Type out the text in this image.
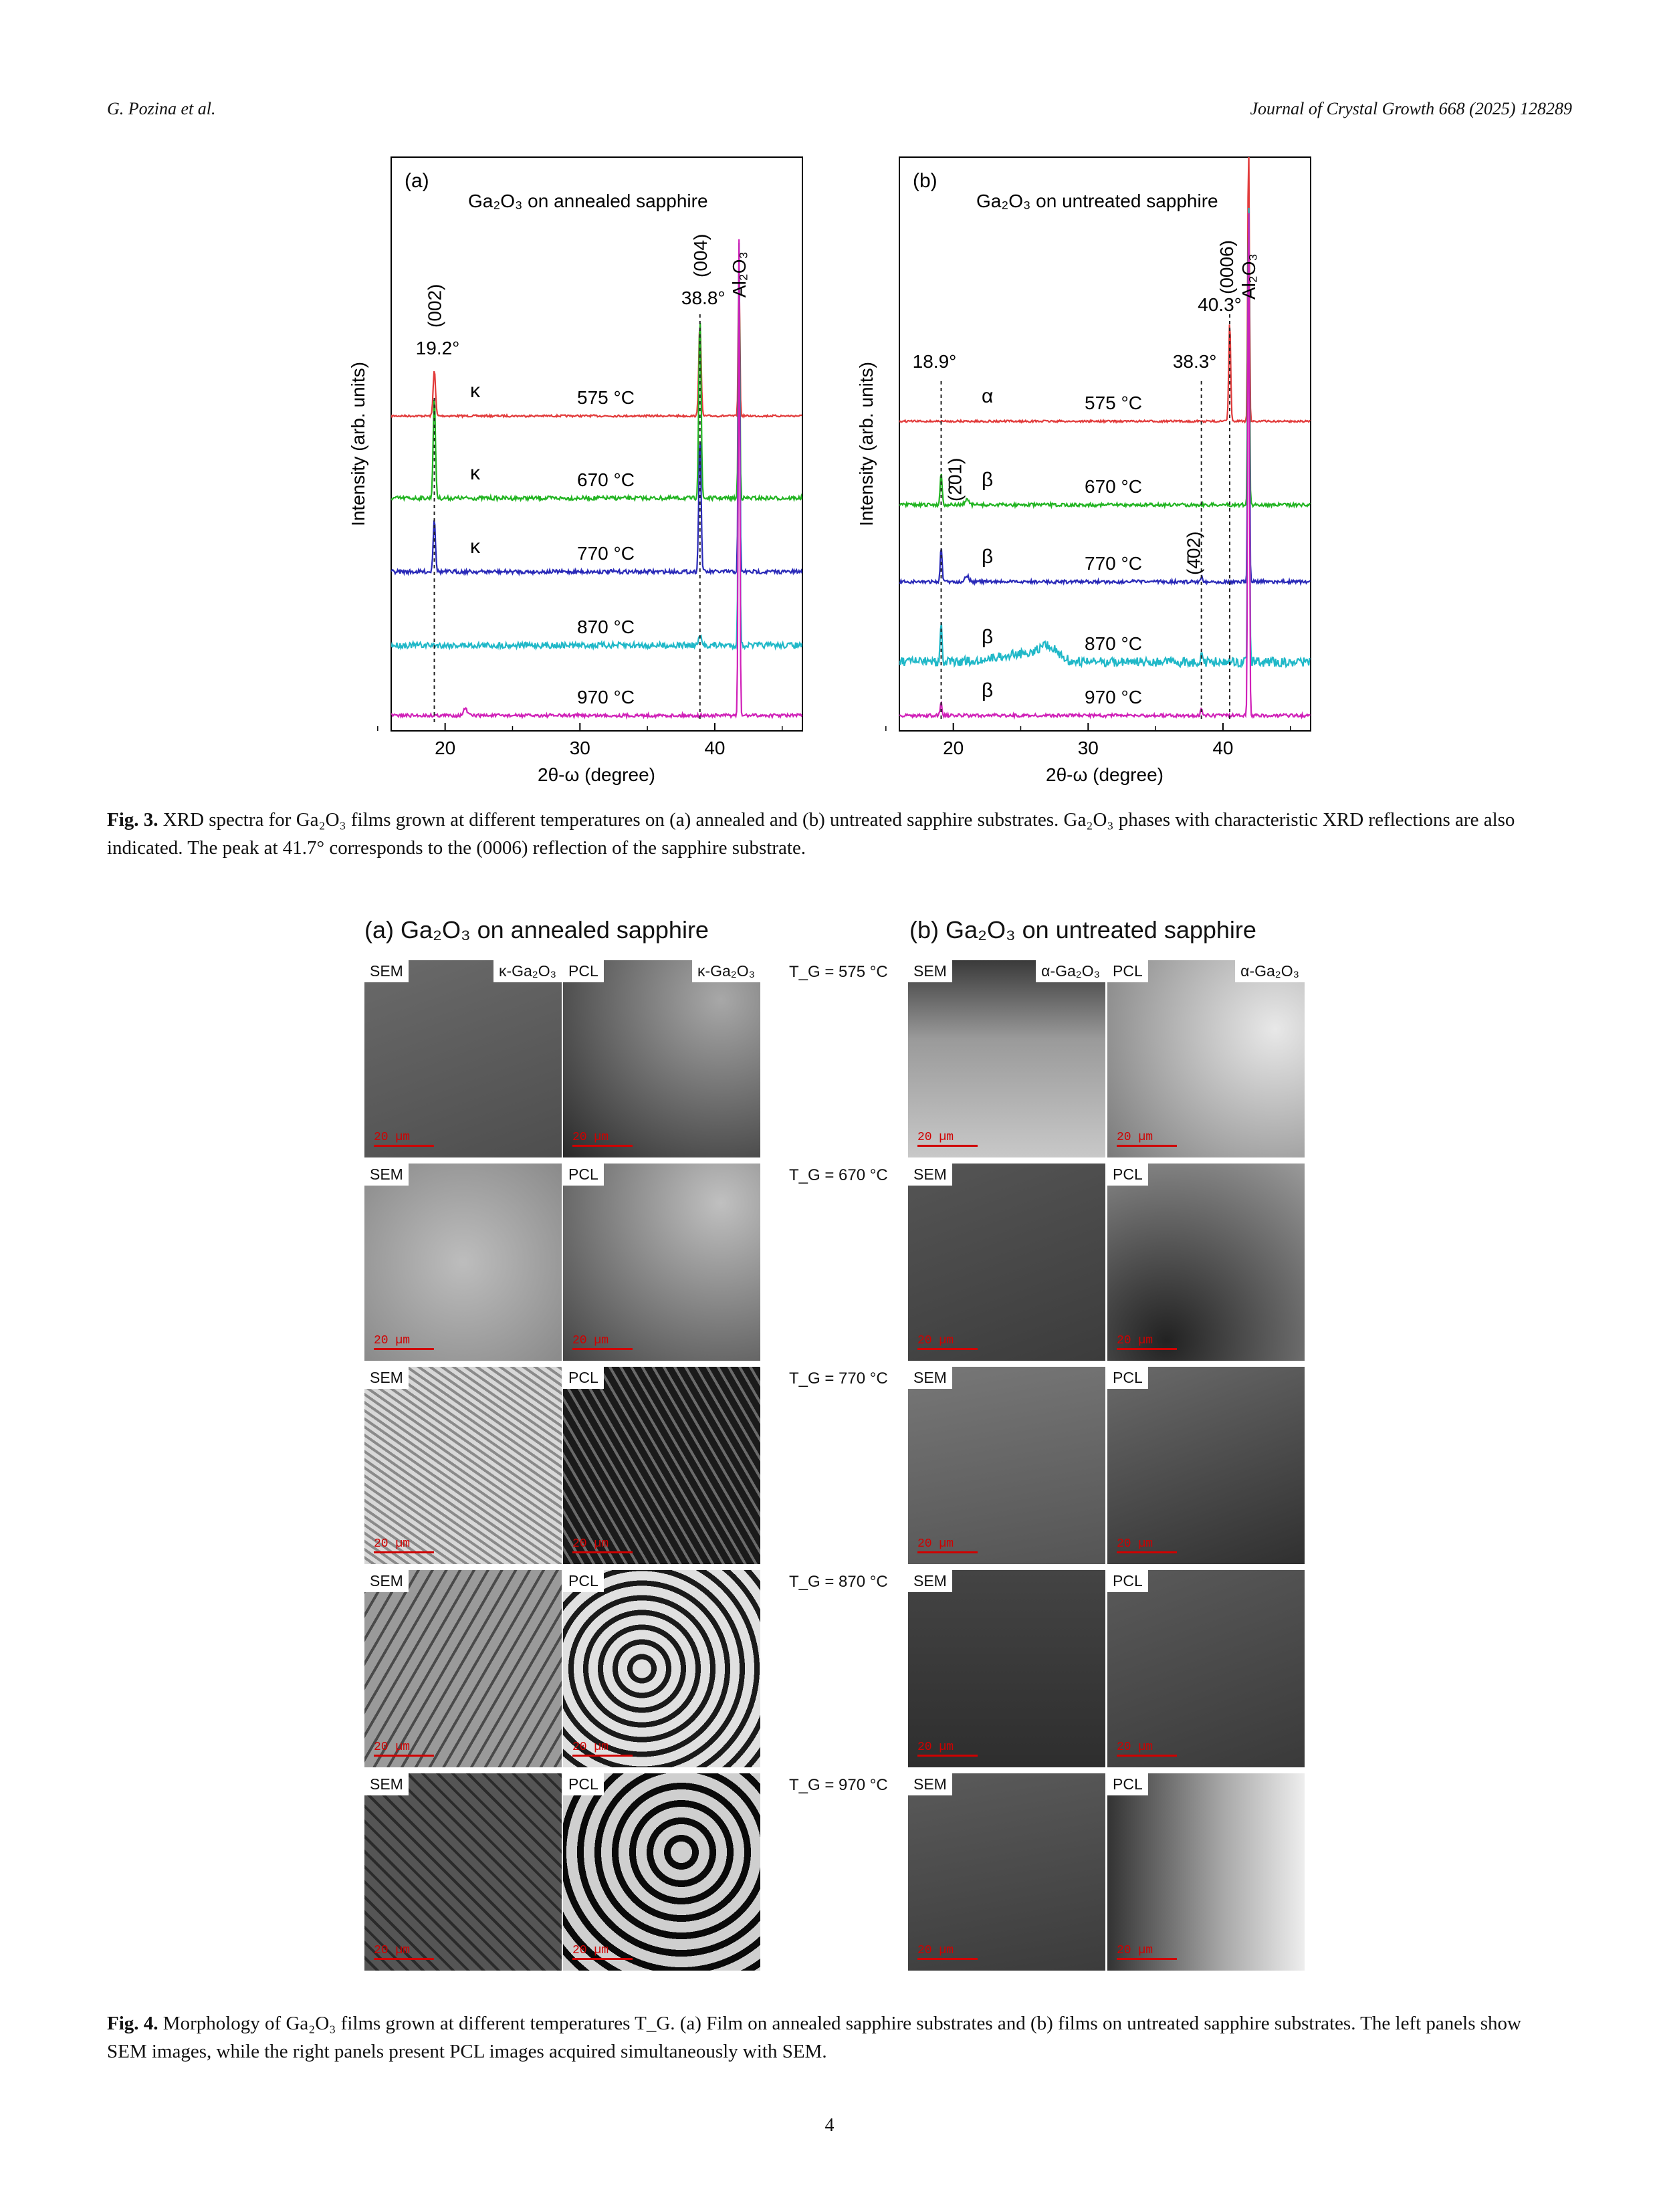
G. Pozina et al.	Journal of Crystal Growth 668 (2025) 128289
(a)
Ga₂O₃ on annealed sapphire
19.2°
38.8°
(002)
(004) Al₂O₃
575 °C
κ
670 °C
κ
770 °C
κ
870 °C
970 °C
Intensity (arb. units)
2θ-ω (degree)
20	30	40
(b)
Ga₂O₃ on untreated sapphire
18.9°	38.3°
40.3°
(0006) Al₂O₃
(2̄01)
(4̄02)
575 °C
α
670 °C
β
770 °C
β
870 °C
β
970 °C
β
Intensity (arb. units)
2θ-ω (degree)
20	30	40
Fig. 3. XRD spectra for Ga₂O₃ films grown at different temperatures on (a) annealed and (b) untreated sapphire substrates. Ga₂O₃ phases with characteristic XRD reflections are also indicated. The peak at 41.7° corresponds to the (0006) reflection of the sapphire substrate.
(a) Ga₂O₃ on annealed sapphire	(b) Ga₂O₃ on untreated sapphire
T_G = 575 °C
SEM	κ-Ga₂O₃
20 µm
PCL	κ-Ga₂O₃
20 µm
SEM	α-Ga₂O₃
20 µm
PCL	α-Ga₂O₃
20 µm
T_G = 670 °C
SEM
20 µm
PCL
20 µm
SEM
20 µm
PCL
20 µm
T_G = 770 °C
SEM
20 µm
PCL
20 µm
SEM
20 µm
PCL
20 µm
T_G = 870 °C
SEM
20 µm
PCL
20 µm
SEM
20 µm
PCL
20 µm
T_G = 970 °C
SEM
20 µm
PCL
20 µm
SEM
20 µm
PCL
20 µm
Fig. 4. Morphology of Ga₂O₃ films grown at different temperatures T_G. (a) Film on annealed sapphire substrates and (b) films on untreated sapphire substrates. The left panels show SEM images, while the right panels present PCL images acquired simultaneously with SEM.
4
